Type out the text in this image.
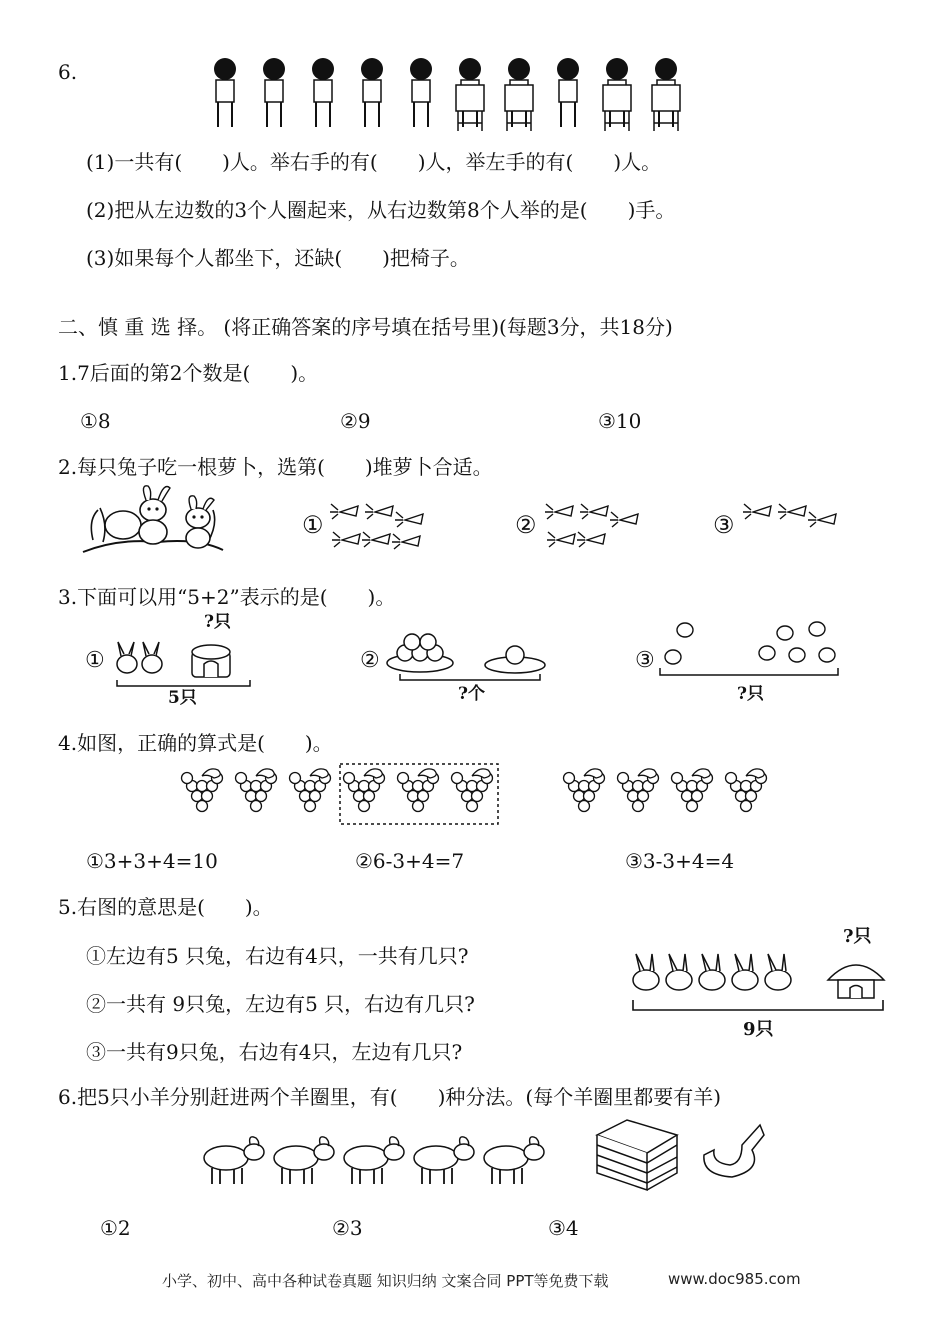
6.
(1)一共有(　　)人。举右手的有(　　)人，举左手的有(　　)人。
(2)把从左边数的3个人圈起来，从右边数第8个人举的是(　　)手。
(3)如果每个人都坐下，还缺(　　)把椅子。
二、慎 重 选 择。 (将正确答案的序号填在括号里)(每题3分，共18分)
1.7后面的第2个数是(　　)。
①8	②9	③10
2.每只兔子吃一根萝卜，选第(　　)堆萝卜合适。
①	②	③
3.下面可以用“5+2”表示的是(　　)。
①
?只
5只
②
?个
③
?只
4.如图，正确的算式是(　　)。
①3+3+4=10	②6-3+4=7	③3-3+4=4
5.右图的意思是(　　)。
①左边有5 只兔，右边有4只，一共有几只?
②一共有 9只兔，左边有5 只，右边有几只?
③一共有9只兔，右边有4只，左边有几只?
?只
9只
6.把5只小羊分别赶进两个羊圈里，有(　　)种分法。(每个羊圈里都要有羊)
①2	②3	③4
小学、初中、高中各种试卷真题 知识归纳 文案合同 PPT等免费下载	www.doc985.com
